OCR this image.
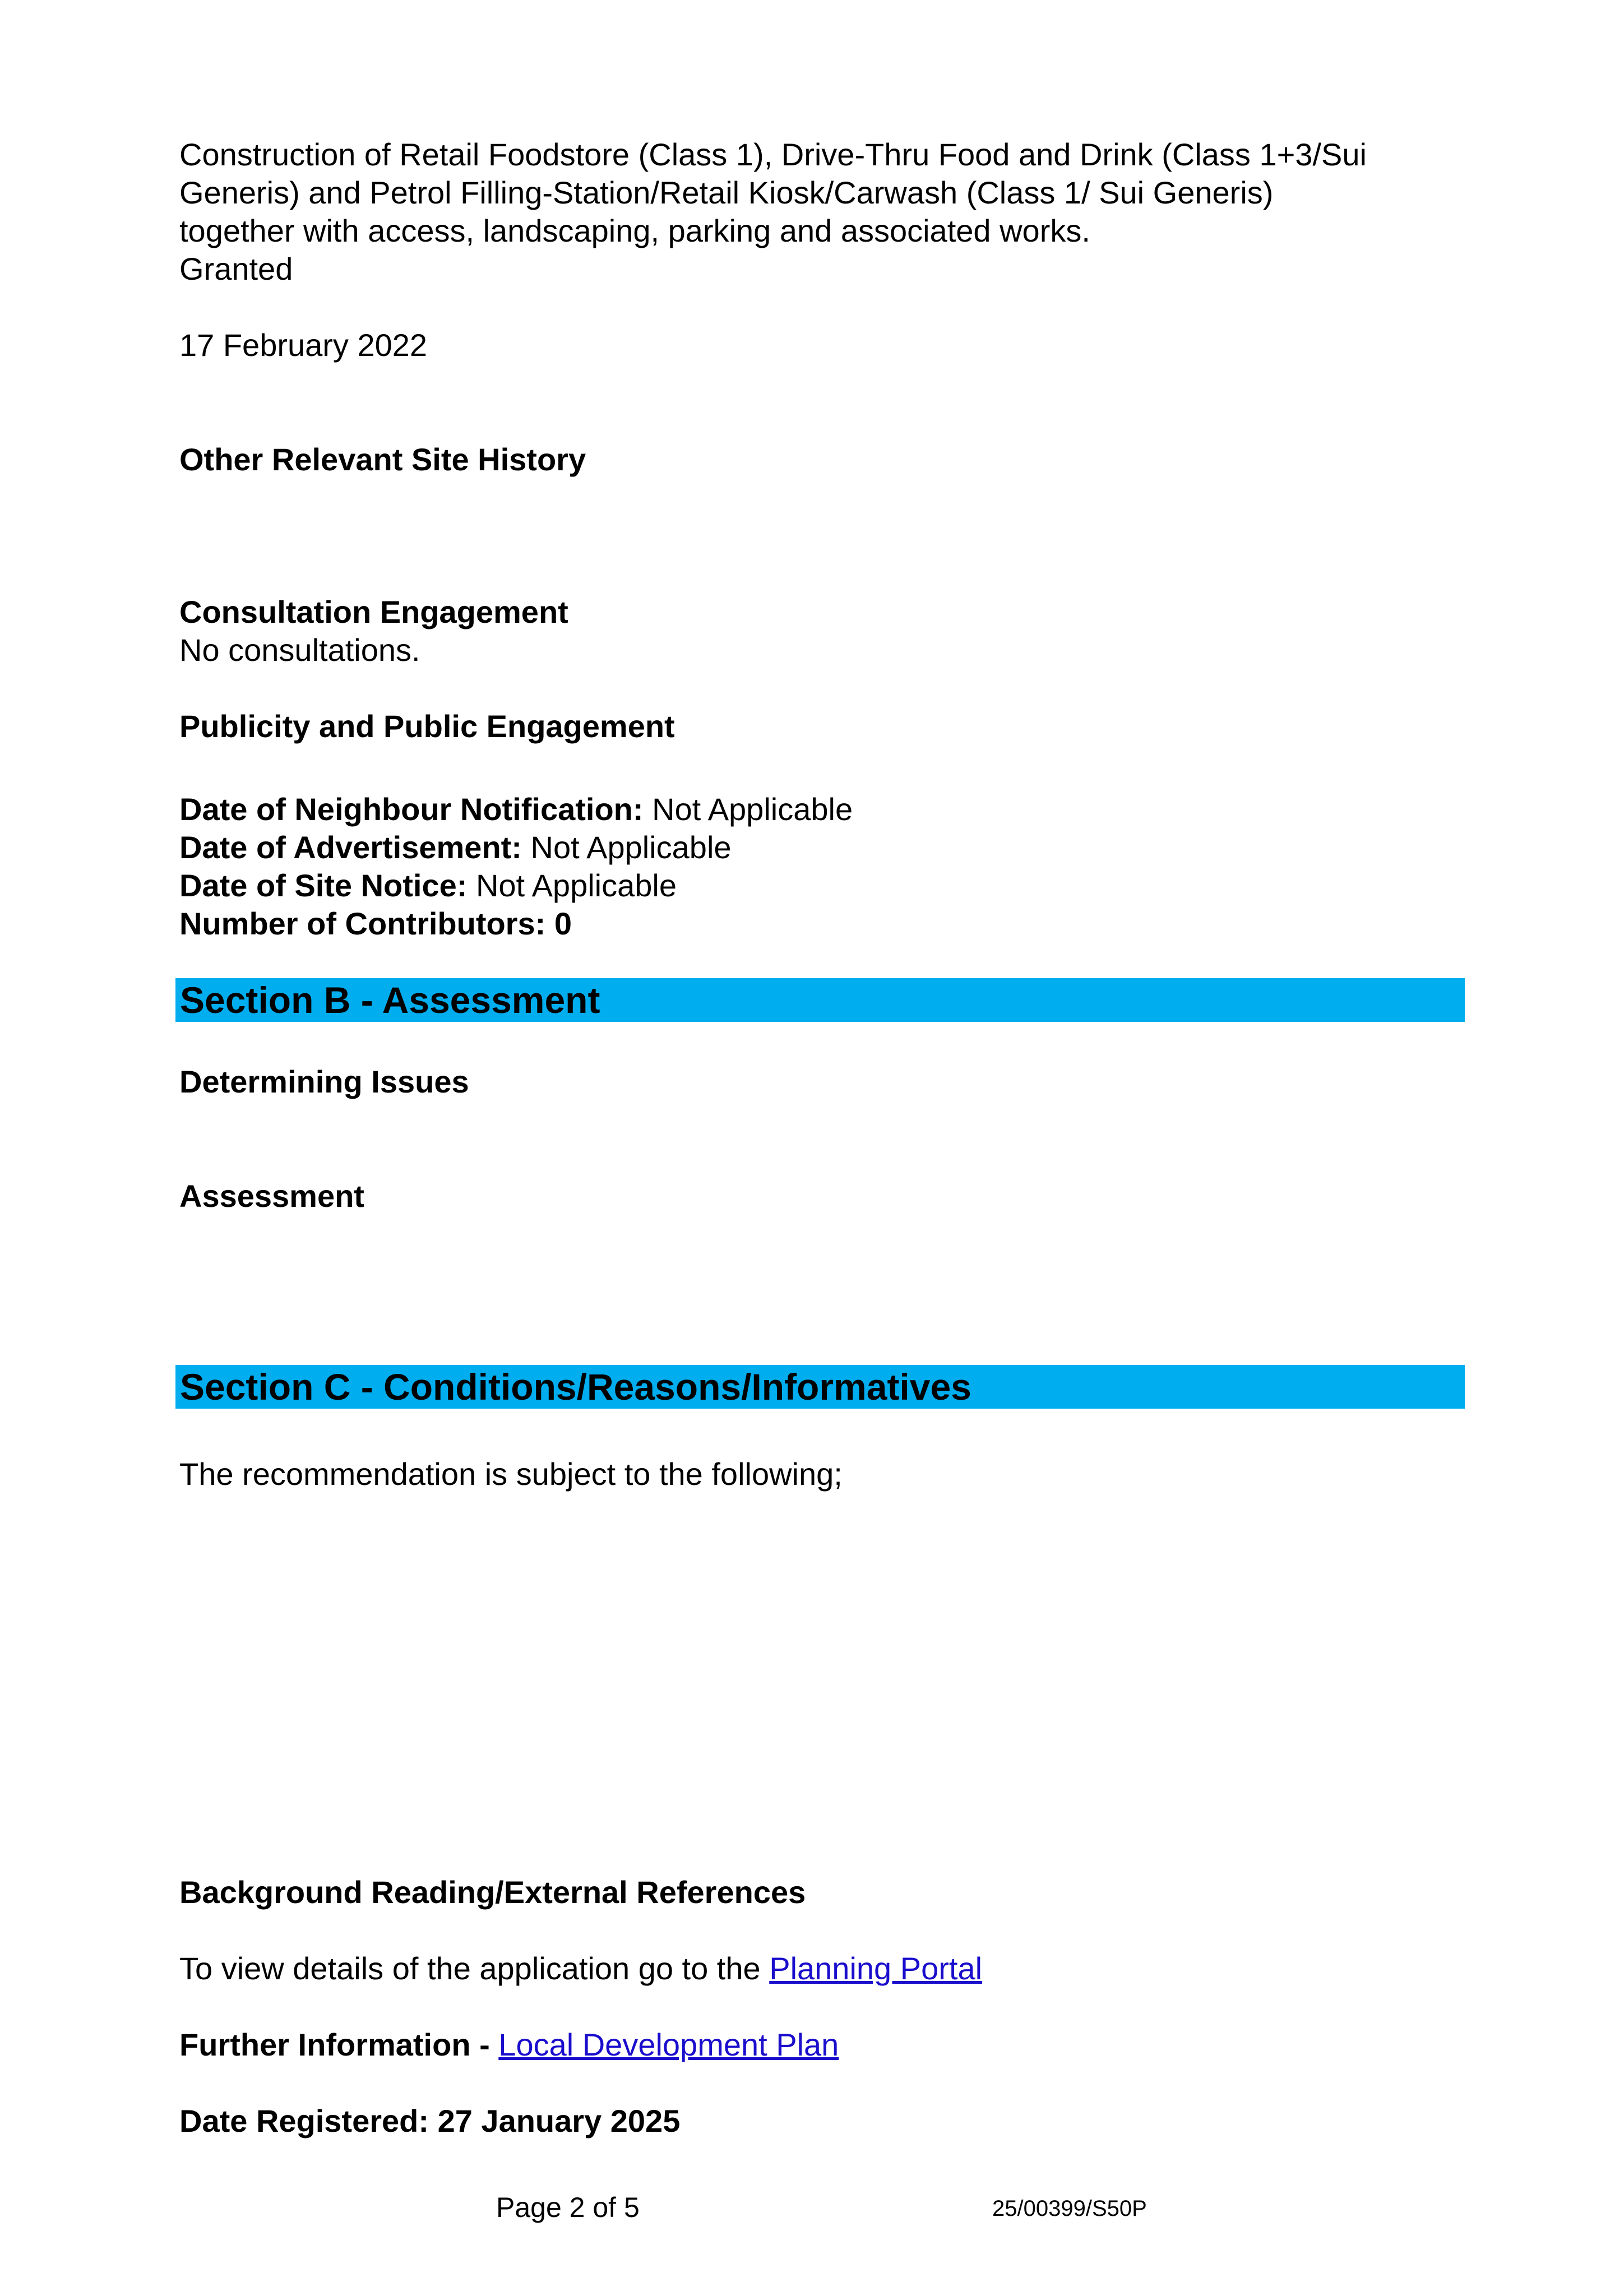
Construction of Retail Foodstore (Class 1), Drive-Thru Food and Drink (Class 1+3/Sui

Generis) and Petrol Filling-Station/Retail Kiosk/Carwash (Class 1/ Sui Generis)

together with access, landscaping, parking and associated works.

Granted

17 February 2022

Other Relevant Site History

Consultation Engagement

No consultations.

Publicity and Public Engagement

Date of Neighbour Notification: Not Applicable

Date of Advertisement: Not Applicable

Date of Site Notice: Not Applicable

Number of Contributors: 0

Section B - Assessment

Determining Issues

Assessment

Section C - Conditions/Reasons/Informatives

The recommendation is subject to the following;

Background Reading/External References

To view details of the application go to the Planning Portal

Further Information - Local Development Plan

Date Registered: 27 January 2025

Page 2 of 5	25/00399/S50P
